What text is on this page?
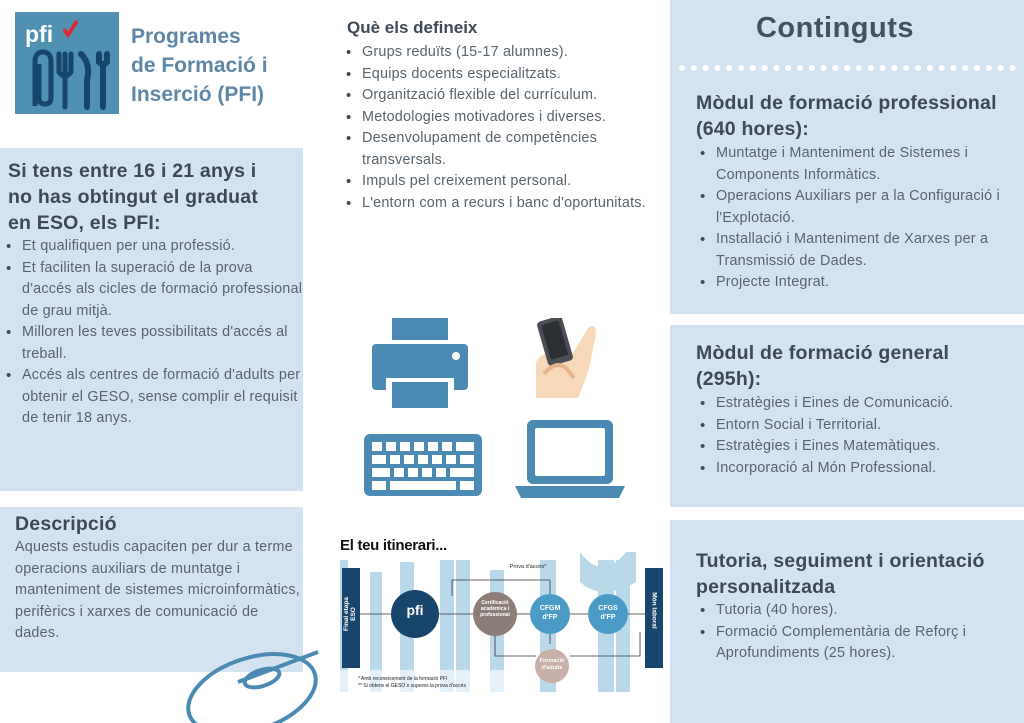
pfi	Programes
de Formació i
Inserció (PFI)
Si tens entre 16 i 21 anys i
no has obtingut el graduat
en ESO, els PFI:
• Et qualifiquen per una professió.
• Et faciliten la superació de la prova d'accés als cicles de formació professional de grau mitjà.
• Milloren les teves possibilitats d'accés al treball.
• Accés als centres de formació d'adults per obtenir el GESO, sense complir el requisit de tenir 18 anys.
Descripció

Aquests estudis capaciten per dur a terme operacions auxiliars de muntatge i manteniment de sistemes microinformàtics, perifèrics i xarxes de comunicació de dades.

Què els defineix
• Grups reduïts (15-17 alumnes).
• Equips docents especialitzats.
• Organització flexible del currículum.
• Metodologies motivadores i diverses.
• Desenvolupament de competències transversals.
• Impuls pel creixement personal.
• L'entorn com a recurs i banc d'oportunitats.
El teu itinerari...
Final etapa ESO	pfi	Certificació acadèmica i professional
Prova d'accés*
CFGM d'FP
CFGS d'FP
Formació d'adults
Món laboral
* Amb reconeixement de la formació PFI
** Si obtens el GESO o superes la prova d'accés
Continguts
Mòdul de formació professional (640 hores):
• Muntatge i Manteniment de Sistemes i Components Informàtics.
• Operacions Auxiliars per a la Configuració i l'Explotació.
• Installació i Manteniment de Xarxes per a Transmissió de Dades.
• Projecte Integrat.
Mòdul de formació general (295h):
• Estratègies i Eines de Comunicació.
• Entorn Social i Territorial.
• Estratègies i Eines Matemàtiques.
• Incorporació al Món Professional.
Tutoria, seguiment i orientació personalitzada
• Tutoria (40 hores).
• Formació Complementària de Reforç i Aprofundiments (25 hores).
